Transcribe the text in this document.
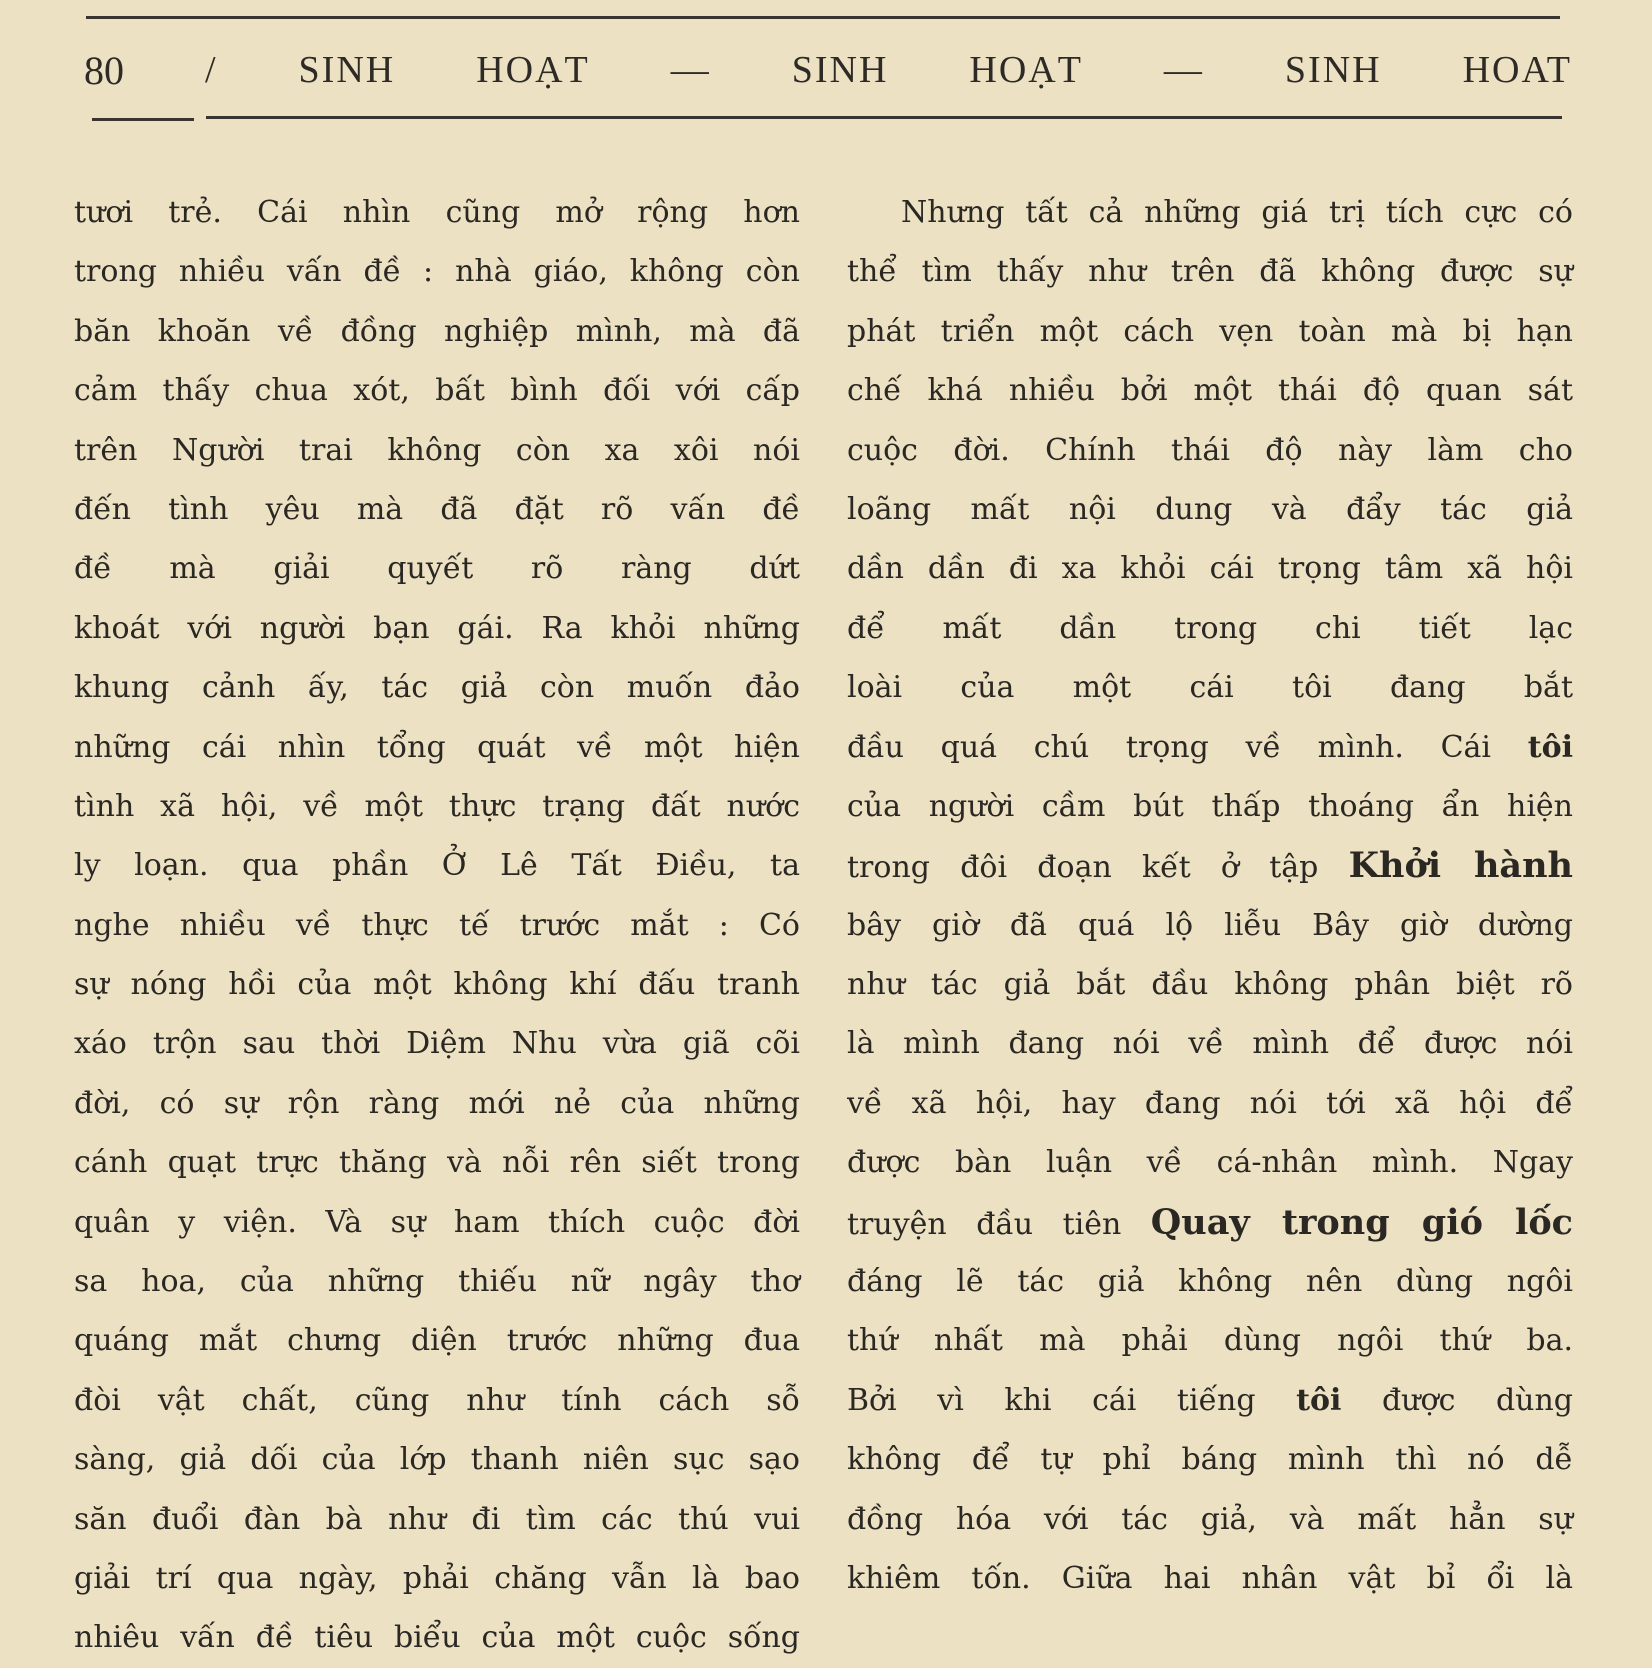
80 / SINH HOẠT — SINH HOẠT — SINH HOAT
tươi trẻ. Cái nhìn cũng mở rộng hơn
trong nhiều vấn đề : nhà giáo, không còn
băn khoăn về đồng nghiệp mình, mà đã
cảm thấy chua xót, bất bình đối với cấp
trên Người trai không còn xa xôi nói
đến tình yêu mà đã đặt rõ vấn đề
đề mà giải quyết rõ ràng dứt
khoát với người bạn gái. Ra khỏi những
khung cảnh ấy, tác giả còn muốn đảo
những cái nhìn tổng quát về một hiện
tình xã hội, về một thực trạng đất nước
ly loạn. qua phần Ở Lê Tất Điều, ta
nghe nhiều về thực tế trước mắt : Có
sự nóng hồi của một không khí đấu tranh
xáo trộn sau thời Diệm Nhu vừa giã cõi
đời, có sự rộn ràng mới nẻ của những
cánh quạt trực thăng và nỗi rên siết trong
quân y viện. Và sự ham thích cuộc đời
sa hoa, của những thiếu nữ ngây thơ
quáng mắt chưng diện trước những đua
đòi vật chất, cũng như tính cách sỗ
sàng, giả dối của lớp thanh niên sục sạo
săn đuổi đàn bà như đi tìm các thú vui
giải trí qua ngày, phải chăng vẫn là bao
nhiêu vấn đề tiêu biểu của một cuộc sống
Nhưng tất cả những giá trị tích cực có
thể tìm thấy như trên đã không được sự
phát triển một cách vẹn toàn mà bị hạn
chế khá nhiều bởi một thái độ quan sát
cuộc đời. Chính thái độ này làm cho
loãng mất nội dung và đẩy tác giả
dần dần đi xa khỏi cái trọng tâm xã hội
để mất dần trong chi tiết lạc
loài của một cái tôi đang bắt
đầu quá chú trọng về mình. Cái tôi
của người cầm bút thấp thoáng ẩn hiện
trong đôi đoạn kết ở tập Khởi hành
bây giờ đã quá lộ liễu Bây giờ dường
như tác giả bắt đầu không phân biệt rõ
là mình đang nói về mình để được nói
về xã hội, hay đang nói tới xã hội để
được bàn luận về cá-nhân mình. Ngay
truyện đầu tiên Quay trong gió lốc
đáng lẽ tác giả không nên dùng ngôi
thứ nhất mà phải dùng ngôi thứ ba.
Bởi vì khi cái tiếng tôi được dùng
không để tự phỉ báng mình thì nó dễ
đồng hóa với tác giả, và mất hẳn sự
khiêm tốn. Giữa hai nhân vật bỉ ổi là
